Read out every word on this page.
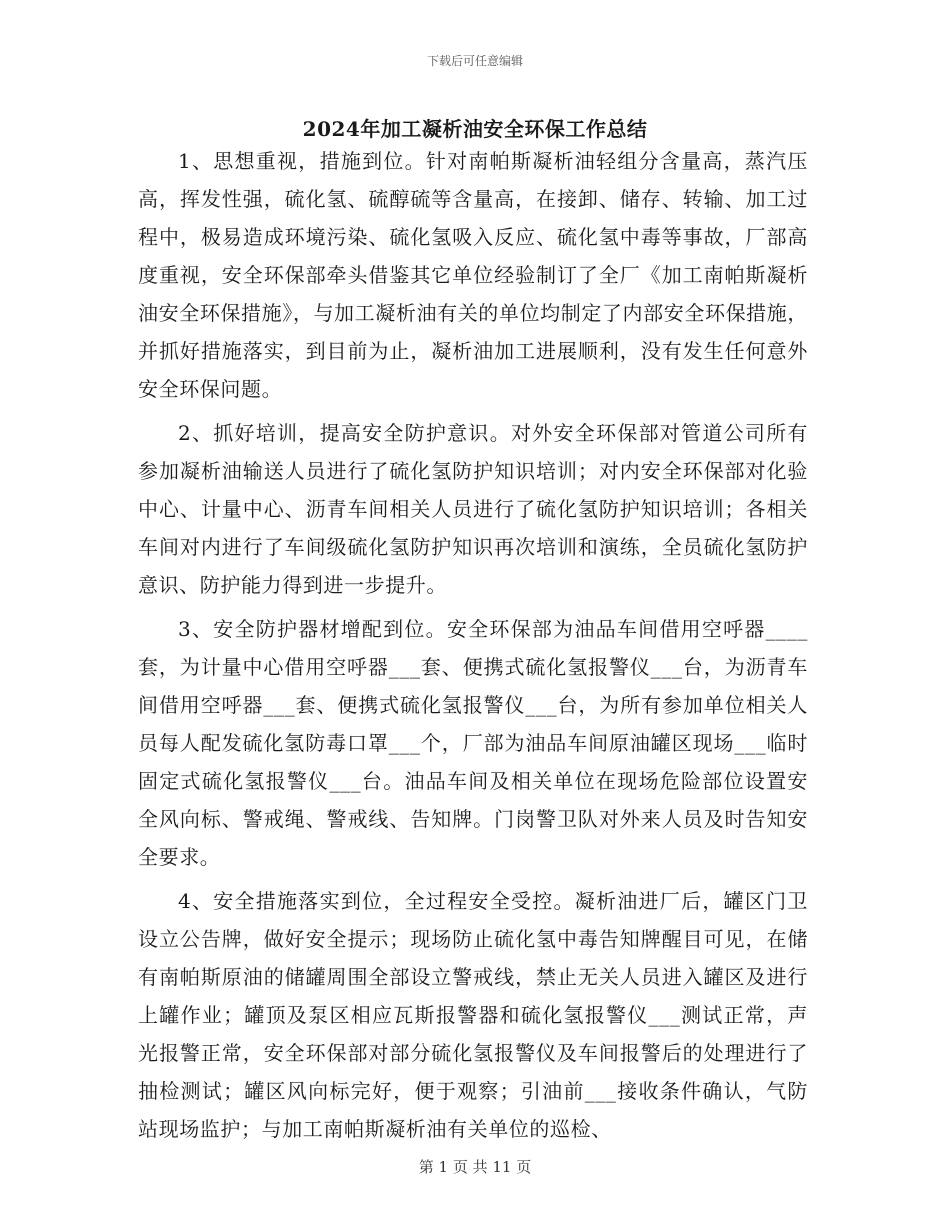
下载后可任意编辑
2024年加工凝析油安全环保工作总结

1、思想重视，措施到位。针对南帕斯凝析油轻组分含量高，蒸汽压高，挥发性强，硫化氢、硫醇硫等含量高，在接卸、储存、转输、加工过程中，极易造成环境污染、硫化氢吸入反应、硫化氢中毒等事故，厂部高度重视，安全环保部牵头借鉴其它单位经验制订了全厂《加工南帕斯凝析油安全环保措施》，与加工凝析油有关的单位均制定了内部安全环保措施，并抓好措施落实，到目前为止，凝析油加工进展顺利，没有发生任何意外安全环保问题。

2、抓好培训，提高安全防护意识。对外安全环保部对管道公司所有参加凝析油输送人员进行了硫化氢防护知识培训；对内安全环保部对化验中心、计量中心、沥青车间相关人员进行了硫化氢防护知识培训；各相关车间对内进行了车间级硫化氢防护知识再次培训和演练，全员硫化氢防护意识、防护能力得到进一步提升。

3、安全防护器材增配到位。安全环保部为油品车间借用空呼器____套，为计量中心借用空呼器___套、便携式硫化氢报警仪___台，为沥青车间借用空呼器___套、便携式硫化氢报警仪___台，为所有参加单位相关人员每人配发硫化氢防毒口罩___个，厂部为油品车间原油罐区现场___临时固定式硫化氢报警仪___台。油品车间及相关单位在现场危险部位设置安全风向标、警戒绳、警戒线、告知牌。门岗警卫队对外来人员及时告知安全要求。

4、安全措施落实到位，全过程安全受控。凝析油进厂后，罐区门卫设立公告牌，做好安全提示；现场防止硫化氢中毒告知牌醒目可见，在储有南帕斯原油的储罐周围全部设立警戒线，禁止无关人员进入罐区及进行上罐作业；罐顶及泵区相应瓦斯报警器和硫化氢报警仪___测试正常，声光报警正常，安全环保部对部分硫化氢报警仪及车间报警后的处理进行了抽检测试；罐区风向标完好，便于观察；引油前___接收条件确认，气防站现场监护；与加工南帕斯凝析油有关单位的巡检、

第 1 页 共 11 页
